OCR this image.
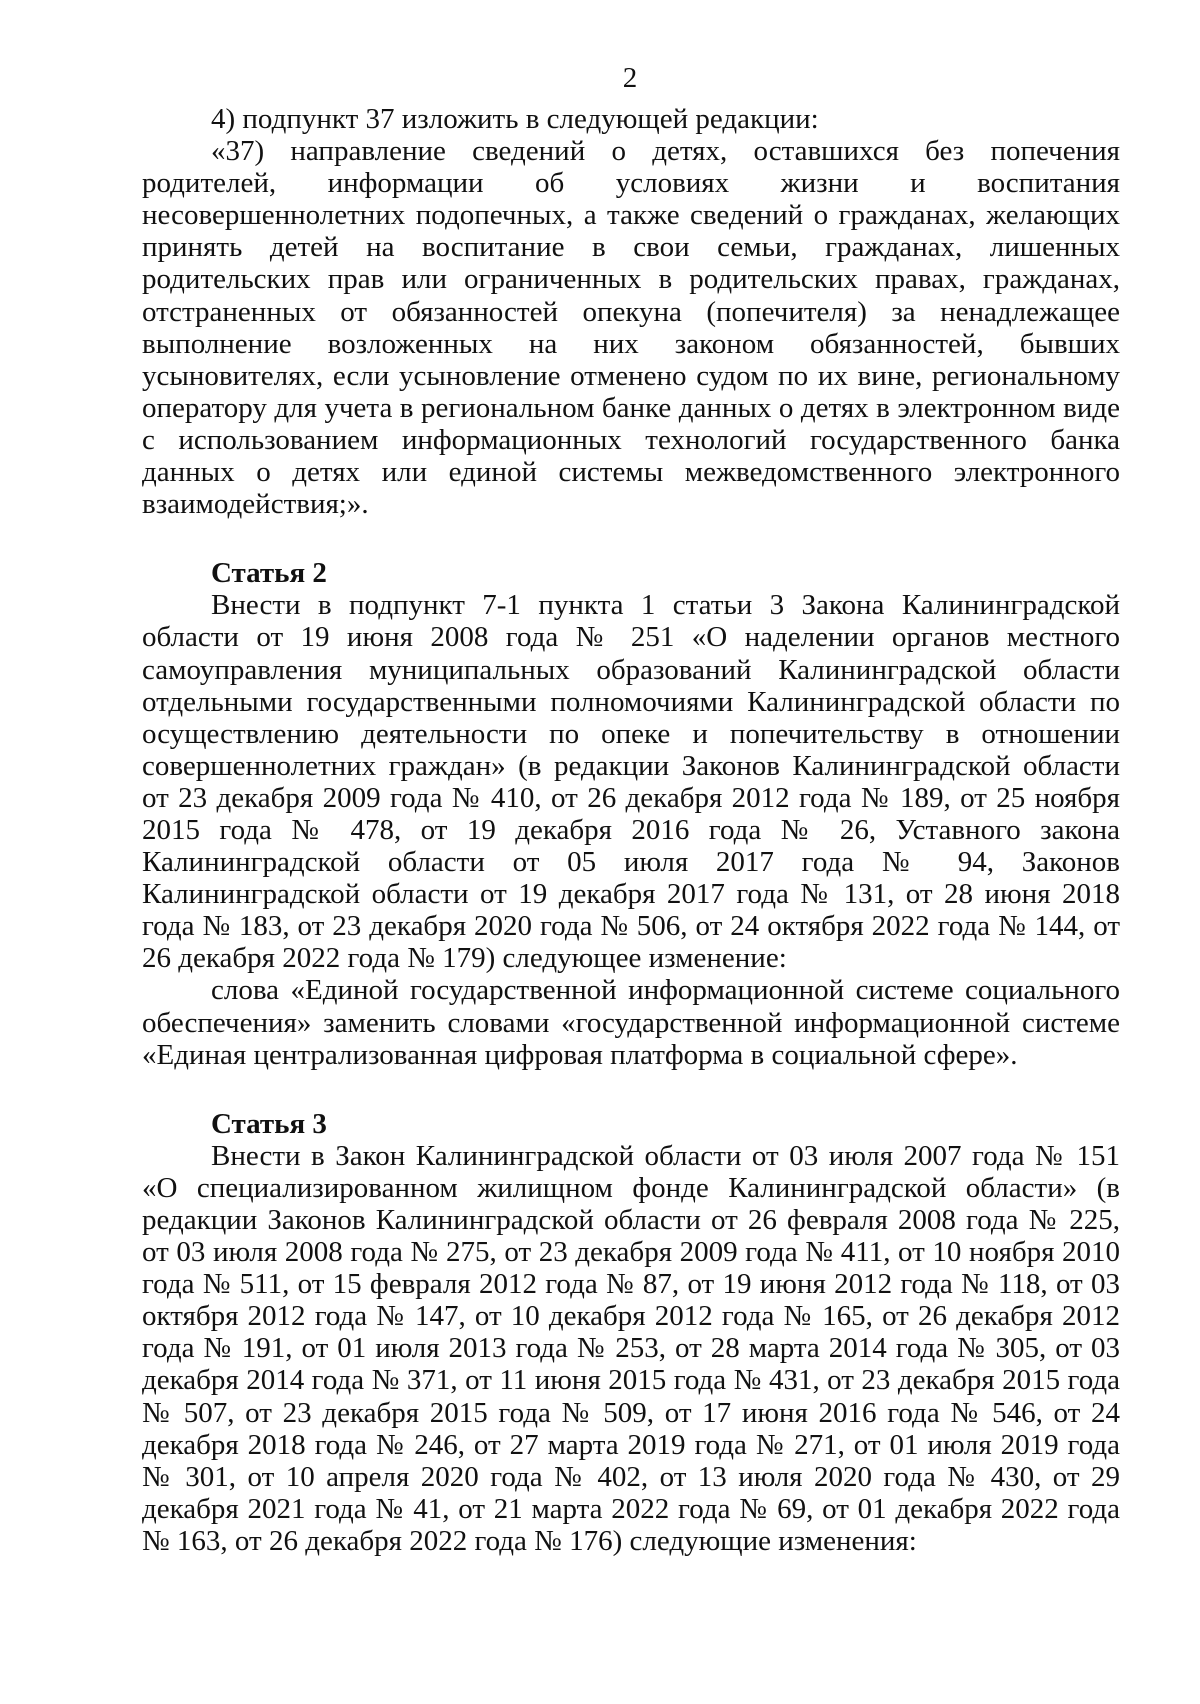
2

4) подпункт 37 изложить в следующей редакции:

«37) направление сведений о детях, оставшихся без попечения родителей, информации об условиях жизни и воспитания несовершеннолетних подопечных, а также сведений о гражданах, желающих принять детей на воспитание в свои семьи, гражданах, лишенных родительских прав или ограниченных в родительских правах, гражданах, отстраненных от обязанностей опекуна (попечителя) за ненадлежащее выполнение возложенных на них законом обязанностей, бывших усыновителях, если усыновление отменено судом по их вине, региональному оператору для учета в региональном банке данных о детях в электронном виде с использованием информационных технологий государственного банка данных о детях или единой системы межведомственного электронного взаимодействия;».

Статья 2

Внести в подпункт 7-1 пункта 1 статьи 3 Закона Калининградской области от 19 июня 2008 года № 251 «О наделении органов местного самоуправления муниципальных образований Калининградской области отдельными государственными полномочиями Калининградской области по осуществлению деятельности по опеке и попечительству в отношении совершеннолетних граждан» (в редакции Законов Калининградской области от 23 декабря 2009 года № 410, от 26 декабря 2012 года № 189, от 25 ноября 2015 года № 478, от 19 декабря 2016 года № 26, Уставного закона Калининградской области от 05 июля 2017 года № 94, Законов Калининградской области от 19 декабря 2017 года № 131, от 28 июня 2018 года № 183, от 23 декабря 2020 года № 506, от 24 октября 2022 года № 144, от 26 декабря 2022 года № 179) следующее изменение:

слова «Единой государственной информационной системе социального обеспечения» заменить словами «государственной информационной системе «Единая централизованная цифровая платформа в социальной сфере».

Статья 3

Внести в Закон Калининградской области от 03 июля 2007 года № 151 «О специализированном жилищном фонде Калининградской области» (в редакции Законов Калининградской области от 26 февраля 2008 года № 225, от 03 июля 2008 года № 275, от 23 декабря 2009 года № 411, от 10 ноября 2010 года № 511, от 15 февраля 2012 года № 87, от 19 июня 2012 года № 118, от 03 октября 2012 года № 147, от 10 декабря 2012 года № 165, от 26 декабря 2012 года № 191, от 01 июля 2013 года № 253, от 28 марта 2014 года № 305, от 03 декабря 2014 года № 371, от 11 июня 2015 года № 431, от 23 декабря 2015 года № 507, от 23 декабря 2015 года № 509, от 17 июня 2016 года № 546, от 24 декабря 2018 года № 246, от 27 марта 2019 года № 271, от 01 июля 2019 года № 301, от 10 апреля 2020 года № 402, от 13 июля 2020 года № 430, от 29 декабря 2021 года № 41, от 21 марта 2022 года № 69, от 01 декабря 2022 года № 163, от 26 декабря 2022 года № 176) следующие изменения:
